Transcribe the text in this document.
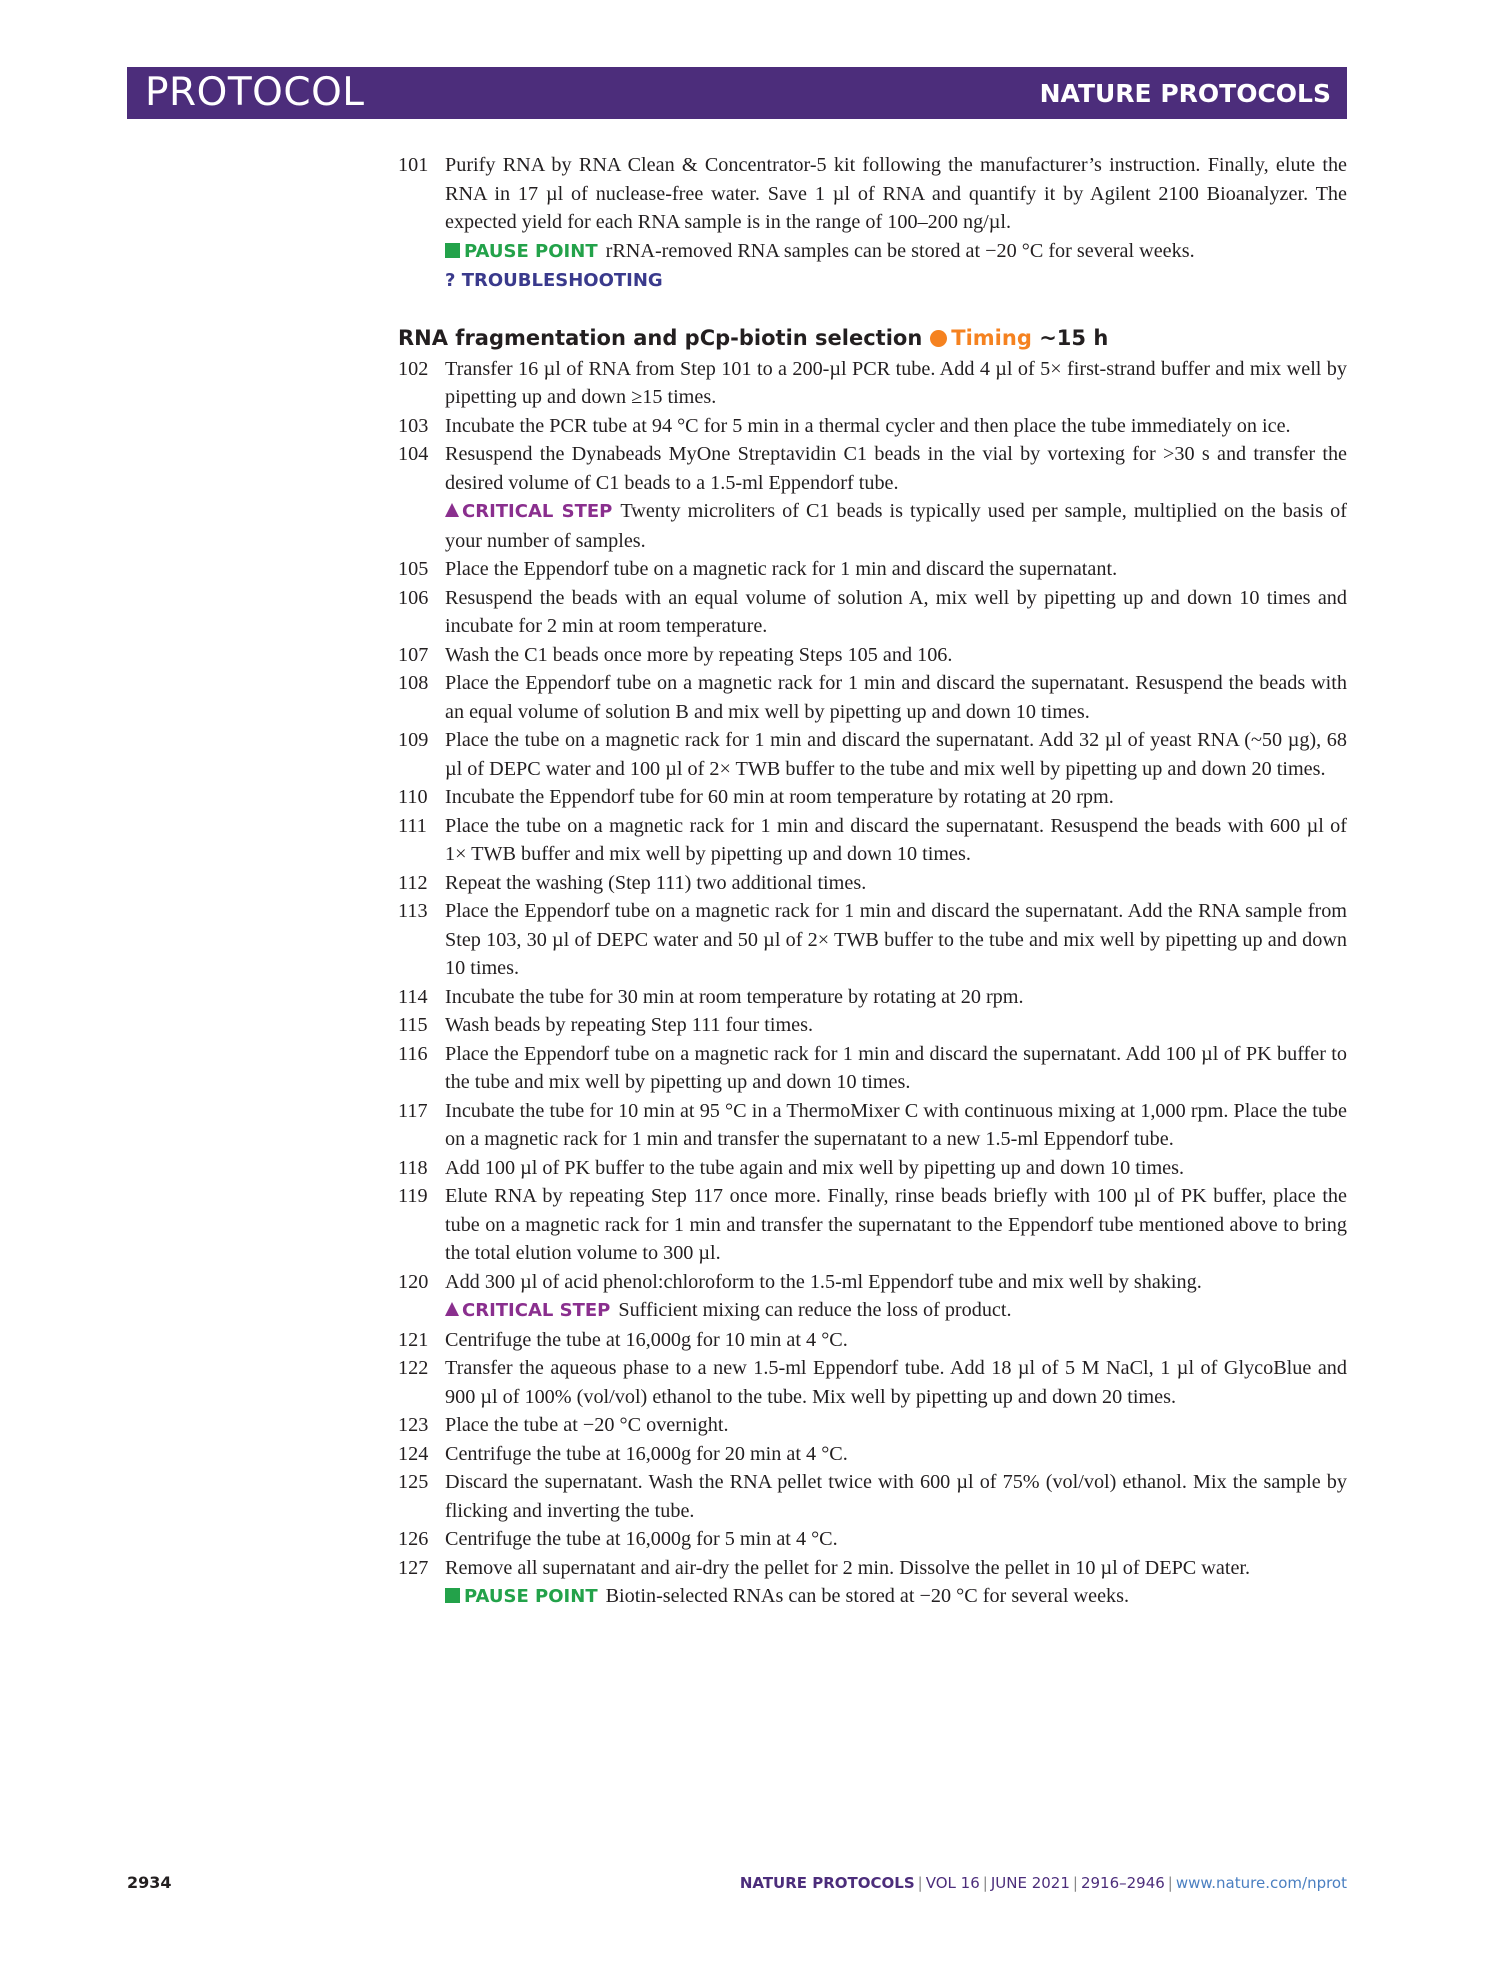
PROTOCOL	NATURE PROTOCOLS
101 Purify RNA by RNA Clean & Concentrator-5 kit following the manufacturer’s instruction. Finally, elute the RNA in 17 µl of nuclease-free water. Save 1 µl of RNA and quantify it by Agilent 2100 Bioanalyzer. The expected yield for each RNA sample is in the range of 100–200 ng/µl.
PAUSE POINT rRNA-removed RNA samples can be stored at −20 °C for several weeks.
? TROUBLESHOOTING
RNA fragmentation and pCp-biotin selection Timing ~15 h
102 Transfer 16 µl of RNA from Step 101 to a 200-µl PCR tube. Add 4 µl of 5× first-strand buffer and mix well by pipetting up and down ≥15 times.
103 Incubate the PCR tube at 94 °C for 5 min in a thermal cycler and then place the tube immediately on ice.
104 Resuspend the Dynabeads MyOne Streptavidin C1 beads in the vial by vortexing for >30 s and transfer the desired volume of C1 beads to a 1.5-ml Eppendorf tube.
CRITICAL STEP Twenty microliters of C1 beads is typically used per sample, multiplied on the basis of your number of samples.
105 Place the Eppendorf tube on a magnetic rack for 1 min and discard the supernatant.
106 Resuspend the beads with an equal volume of solution A, mix well by pipetting up and down 10 times and incubate for 2 min at room temperature.
107 Wash the C1 beads once more by repeating Steps 105 and 106.
108 Place the Eppendorf tube on a magnetic rack for 1 min and discard the supernatant. Resuspend the beads with an equal volume of solution B and mix well by pipetting up and down 10 times.
109 Place the tube on a magnetic rack for 1 min and discard the supernatant. Add 32 µl of yeast RNA (~50 µg), 68 µl of DEPC water and 100 µl of 2× TWB buffer to the tube and mix well by pipetting up and down 20 times.
110 Incubate the Eppendorf tube for 60 min at room temperature by rotating at 20 rpm.
111 Place the tube on a magnetic rack for 1 min and discard the supernatant. Resuspend the beads with 600 µl of 1× TWB buffer and mix well by pipetting up and down 10 times.
112 Repeat the washing (Step 111) two additional times.
113 Place the Eppendorf tube on a magnetic rack for 1 min and discard the supernatant. Add the RNA sample from Step 103, 30 µl of DEPC water and 50 µl of 2× TWB buffer to the tube and mix well by pipetting up and down 10 times.
114 Incubate the tube for 30 min at room temperature by rotating at 20 rpm.
115 Wash beads by repeating Step 111 four times.
116 Place the Eppendorf tube on a magnetic rack for 1 min and discard the supernatant. Add 100 µl of PK buffer to the tube and mix well by pipetting up and down 10 times.
117 Incubate the tube for 10 min at 95 °C in a ThermoMixer C with continuous mixing at 1,000 rpm. Place the tube on a magnetic rack for 1 min and transfer the supernatant to a new 1.5-ml Eppendorf tube.
118 Add 100 µl of PK buffer to the tube again and mix well by pipetting up and down 10 times.
119 Elute RNA by repeating Step 117 once more. Finally, rinse beads briefly with 100 µl of PK buffer, place the tube on a magnetic rack for 1 min and transfer the supernatant to the Eppendorf tube mentioned above to bring the total elution volume to 300 µl.
120 Add 300 µl of acid phenol:chloroform to the 1.5-ml Eppendorf tube and mix well by shaking.
CRITICAL STEP Sufficient mixing can reduce the loss of product.
121 Centrifuge the tube at 16,000g for 10 min at 4 °C.
122 Transfer the aqueous phase to a new 1.5-ml Eppendorf tube. Add 18 µl of 5 M NaCl, 1 µl of GlycoBlue and 900 µl of 100% (vol/vol) ethanol to the tube. Mix well by pipetting up and down 20 times.
123 Place the tube at −20 °C overnight.
124 Centrifuge the tube at 16,000g for 20 min at 4 °C.
125 Discard the supernatant. Wash the RNA pellet twice with 600 µl of 75% (vol/vol) ethanol. Mix the sample by flicking and inverting the tube.
126 Centrifuge the tube at 16,000g for 5 min at 4 °C.
127 Remove all supernatant and air-dry the pellet for 2 min. Dissolve the pellet in 10 µl of DEPC water.
PAUSE POINT Biotin-selected RNAs can be stored at −20 °C for several weeks.
2934	NATURE PROTOCOLS | VOL 16 | JUNE 2021 | 2916–2946 | www.nature.com/nprot
